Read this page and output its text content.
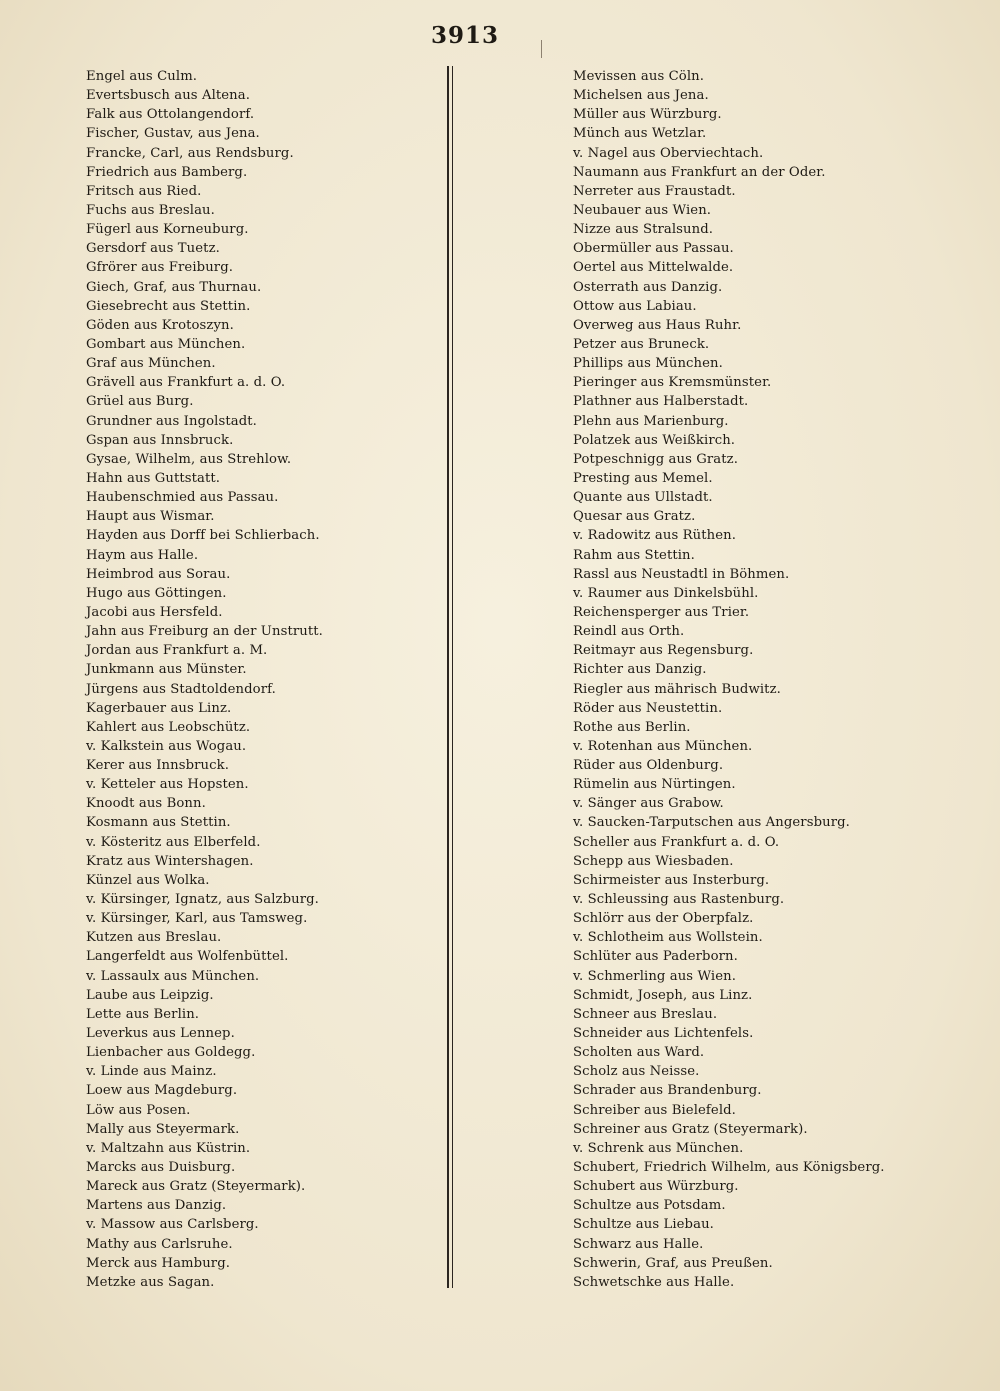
3913
Engel aus Culm.
Evertsbusch aus Altena.
Falk aus Ottolangendorf.
Fischer, Gustav, aus Jena.
Francke, Carl, aus Rendsburg.
Friedrich aus Bamberg.
Fritsch aus Ried.
Fuchs aus Breslau.
Fügerl aus Korneuburg.
Gersdorf aus Tuetz.
Gfrörer aus Freiburg.
Giech, Graf, aus Thurnau.
Giesebrecht aus Stettin.
Göden aus Krotoszyn.
Gombart aus München.
Graf aus München.
Grävell aus Frankfurt a. d. O.
Grüel aus Burg.
Grundner aus Ingolstadt.
Gspan aus Innsbruck.
Gysae, Wilhelm, aus Strehlow.
Hahn aus Guttstatt.
Haubenschmied aus Passau.
Haupt aus Wismar.
Hayden aus Dorff bei Schlierbach.
Haym aus Halle.
Heimbrod aus Sorau.
Hugo aus Göttingen.
Jacobi aus Hersfeld.
Jahn aus Freiburg an der Unstrutt.
Jordan aus Frankfurt a. M.
Junkmann aus Münster.
Jürgens aus Stadtoldendorf.
Kagerbauer aus Linz.
Kahlert aus Leobschütz.
v. Kalkstein aus Wogau.
Kerer aus Innsbruck.
v. Ketteler aus Hopsten.
Knoodt aus Bonn.
Kosmann aus Stettin.
v. Kösteritz aus Elberfeld.
Kratz aus Wintershagen.
Künzel aus Wolka.
v. Kürsinger, Ignatz, aus Salzburg.
v. Kürsinger, Karl, aus Tamsweg.
Kutzen aus Breslau.
Langerfeldt aus Wolfenbüttel.
v. Lassaulx aus München.
Laube aus Leipzig.
Lette aus Berlin.
Leverkus aus Lennep.
Lienbacher aus Goldegg.
v. Linde aus Mainz.
Loew aus Magdeburg.
Löw aus Posen.
Mally aus Steyermark.
v. Maltzahn aus Küstrin.
Marcks aus Duisburg.
Mareck aus Gratz (Steyermark).
Martens aus Danzig.
v. Massow aus Carlsberg.
Mathy aus Carlsruhe.
Merck aus Hamburg.
Metzke aus Sagan.
Mevissen aus Cöln.
Michelsen aus Jena.
Müller aus Würzburg.
Münch aus Wetzlar.
v. Nagel aus Oberviechtach.
Naumann aus Frankfurt an der Oder.
Nerreter aus Fraustadt.
Neubauer aus Wien.
Nizze aus Stralsund.
Obermüller aus Passau.
Oertel aus Mittelwalde.
Osterrath aus Danzig.
Ottow aus Labiau.
Overweg aus Haus Ruhr.
Petzer aus Bruneck.
Phillips aus München.
Pieringer aus Kremsmünster.
Plathner aus Halberstadt.
Plehn aus Marienburg.
Polatzek aus Weißkirch.
Potpeschnigg aus Gratz.
Presting aus Memel.
Quante aus Ullstadt.
Quesar aus Gratz.
v. Radowitz aus Rüthen.
Rahm aus Stettin.
Rassl aus Neustadtl in Böhmen.
v. Raumer aus Dinkelsbühl.
Reichensperger aus Trier.
Reindl aus Orth.
Reitmayr aus Regensburg.
Richter aus Danzig.
Riegler aus mährisch Budwitz.
Röder aus Neustettin.
Rothe aus Berlin.
v. Rotenhan aus München.
Rüder aus Oldenburg.
Rümelin aus Nürtingen.
v. Sänger aus Grabow.
v. Saucken-Tarputschen aus Angersburg.
Scheller aus Frankfurt a. d. O.
Schepp aus Wiesbaden.
Schirmeister aus Insterburg.
v. Schleussing aus Rastenburg.
Schlörr aus der Oberpfalz.
v. Schlotheim aus Wollstein.
Schlüter aus Paderborn.
v. Schmerling aus Wien.
Schmidt, Joseph, aus Linz.
Schneer aus Breslau.
Schneider aus Lichtenfels.
Scholten aus Ward.
Scholz aus Neisse.
Schrader aus Brandenburg.
Schreiber aus Bielefeld.
Schreiner aus Gratz (Steyermark).
v. Schrenk aus München.
Schubert, Friedrich Wilhelm, aus Königsberg.
Schubert aus Würzburg.
Schultze aus Potsdam.
Schultze aus Liebau.
Schwarz aus Halle.
Schwerin, Graf, aus Preußen.
Schwetschke aus Halle.
